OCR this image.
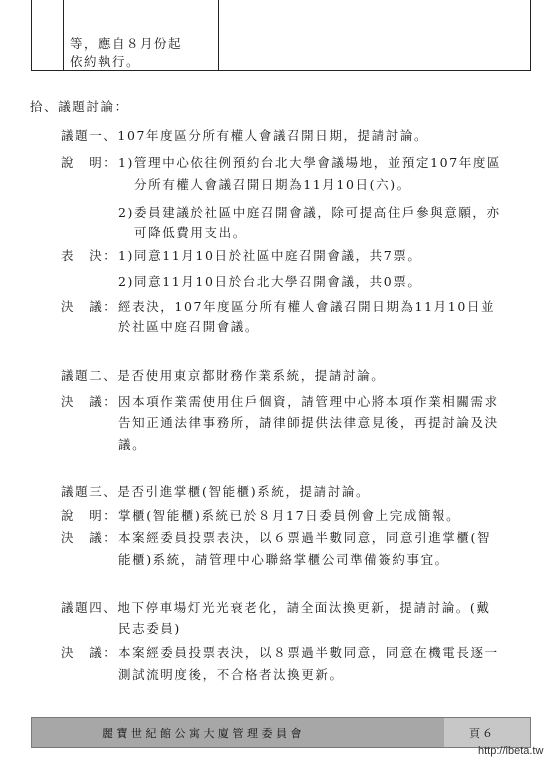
等，應自８月份起
依約執行。
拾、議題討論：
議題一、107年度區分所有權人會議召開日期，提請討論。
說　明： 1)管理中心依往例預約台北大學會議場地，並預定107年度區
分所有權人會議召開日期為11月10日(六)。
2)委員建議於社區中庭召開會議，除可提高住戶參與意願，亦
可降低費用支出。
表　決： 1)同意11月10日於社區中庭召開會議，共7票。
2)同意11月10日於台北大學召開會議，共0票。
決　議： 經表決，107年度區分所有權人會議召開日期為11月10日並
於社區中庭召開會議。
議題二、是否使用東京都財務作業系統，提請討論。
決　議： 因本項作業需使用住戶個資，請管理中心將本項作業相關需求
告知正通法律事務所，請律師提供法律意見後，再提討論及決
議。
議題三、是否引進掌櫃(智能櫃)系統，提請討論。
說　明： 掌櫃(智能櫃)系統已於８月17日委員例會上完成簡報。
決　議： 本案經委員投票表決，以６票過半數同意，同意引進掌櫃(智
能櫃)系統，請管理中心聯絡掌櫃公司準備簽約事宜。
議題四、地下停車場灯光光衰老化，請全面汰換更新，提請討論。(戴
民志委員)
決　議： 本案經委員投票表決，以８票過半數同意，同意在機電長逐一
測試流明度後，不合格者汰換更新。
麗寶世紀館公寓大廈管理委員會	頁６
http://ibeta.tw
